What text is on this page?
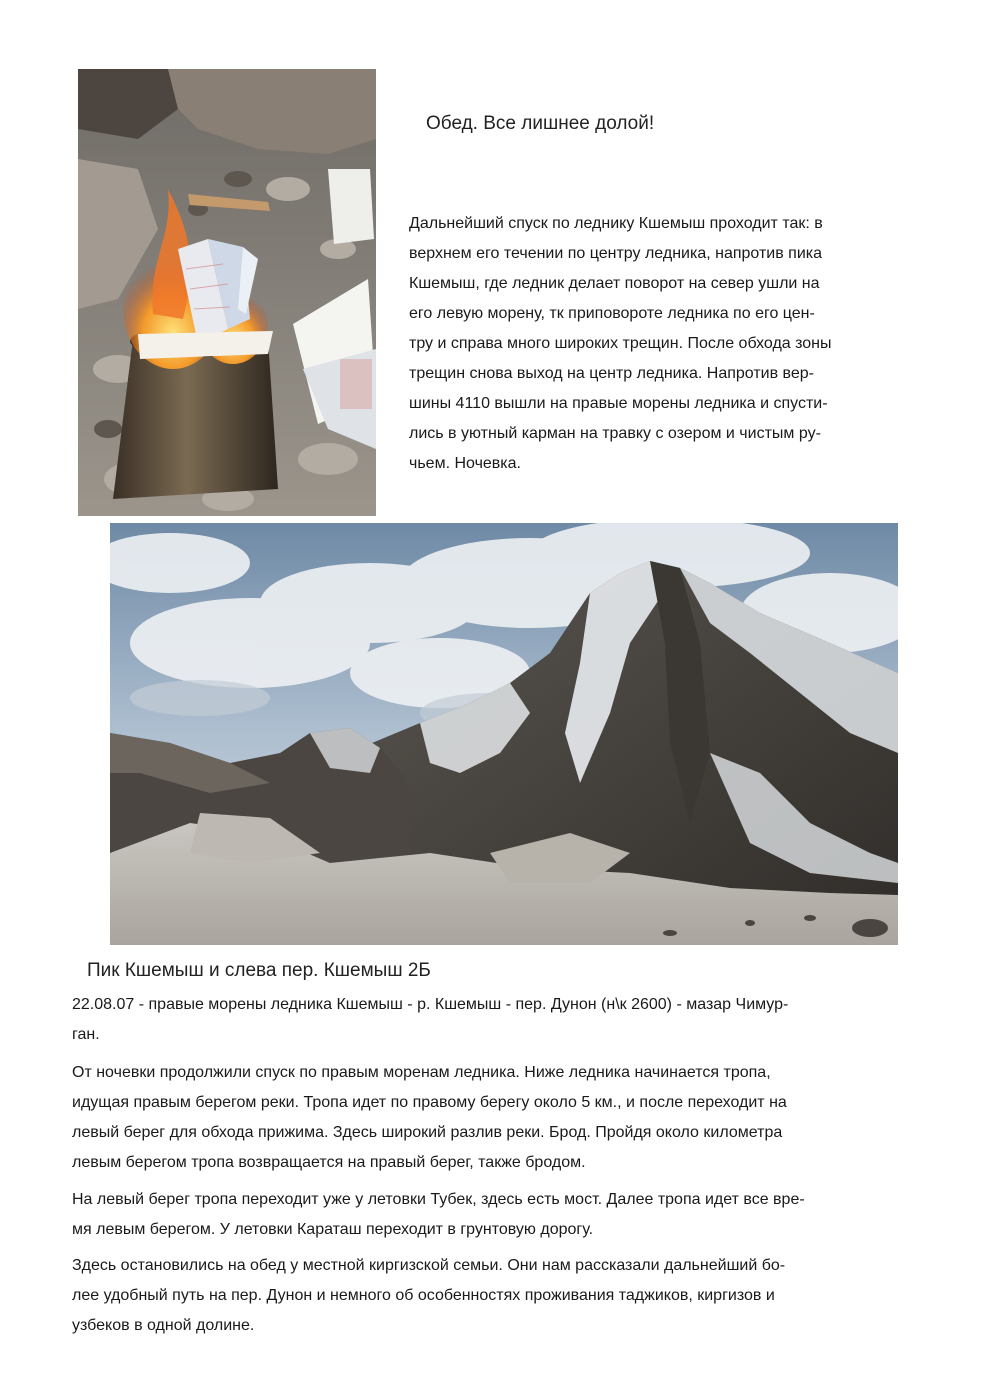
Обед. Все лишнее долой!
Дальнейший спуск по леднику Кшемыш проходит так: в
верхнем его течении по центру ледника, напротив пика
Кшемыш, где ледник делает поворот на север ушли на
его левую морену, тк приповороте ледника по его цен-
тру и справа много широких трещин. После обхода зоны
трещин снова выход на центр ледника. Напротив вер-
шины 4110 вышли на правые морены ледника и спусти-
лись в уютный карман на травку с озером и чистым ру-
чьем. Ночевка.
Пик Кшемыш и слева пер. Кшемыш 2Б
22.08.07 - правые морены ледника Кшемыш - р. Кшемыш - пер. Дунон (н\к 2600) - мазар Чимур-
ган.
От ночевки продолжили спуск по правым моренам ледника. Ниже ледника начинается тропа,
идущая правым берегом реки. Тропа идет по правому берегу около 5 км., и после переходит на
левый берег для обхода прижима. Здесь широкий разлив реки. Брод. Пройдя около километра
левым берегом тропа возвращается на правый берег, также бродом.
На левый берег тропа переходит уже у летовки Тубек, здесь есть мост. Далее тропа идет все вре-
мя левым берегом. У летовки Караташ переходит в грунтовую дорогу.
Здесь остановились на обед у местной киргизской семьи. Они нам рассказали дальнейший бо-
лее удобный путь на пер. Дунон и немного об особенностях проживания таджиков, киргизов и
узбеков в одной долине.
